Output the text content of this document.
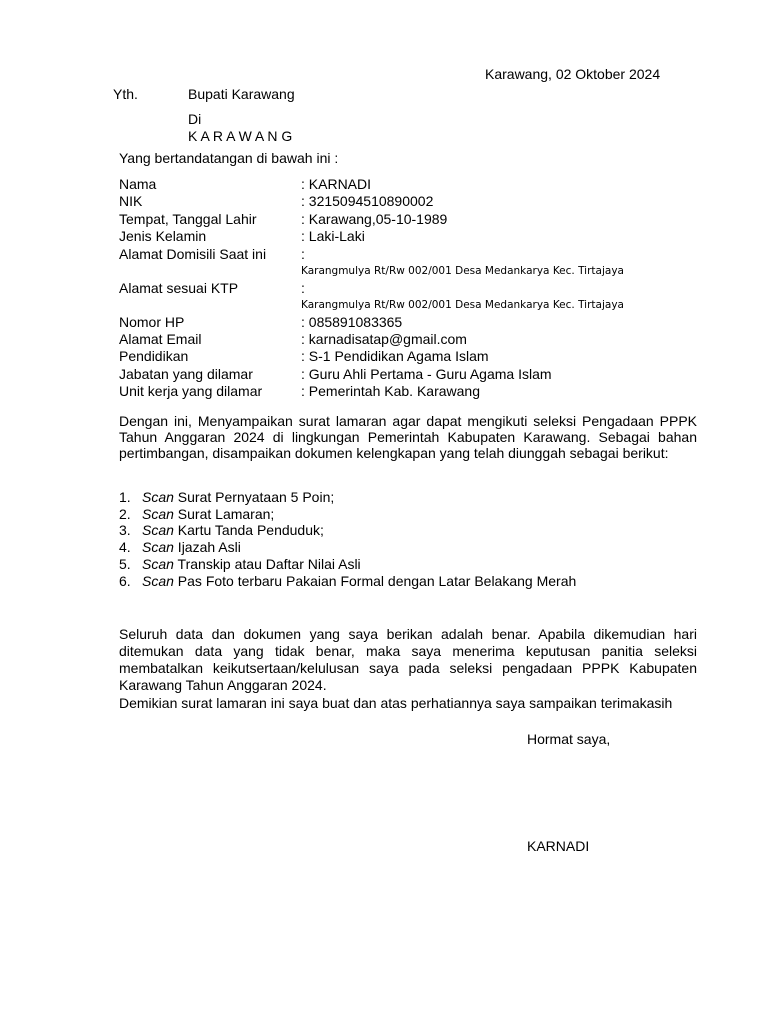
Karawang, 02 Oktober 2024
Yth.	Bupati Karawang
Di
K A R A W A N G
Yang bertandatangan di bawah ini :
Nama	: KARNADI
NIK	: 3215094510890002
Tempat, Tanggal Lahir	: Karawang,05-10-1989
Jenis Kelamin	: Laki-Laki
Alamat Domisili Saat ini :
Karangmulya Rt/Rw 002/001 Desa Medankarya Kec. Tirtajaya
Alamat sesuai KTP	:
Karangmulya Rt/Rw 002/001 Desa Medankarya Kec. Tirtajaya
Nomor HP	: 085891083365
Alamat Email	: karnadisatap@gmail.com
Pendidikan	: S-1 Pendidikan Agama Islam
Jabatan yang dilamar	: Guru Ahli Pertama - Guru Agama Islam
Unit kerja yang dilamar	: Pemerintah Kab. Karawang
Dengan ini, Menyampaikan surat lamaran agar dapat mengikuti seleksi Pengadaan PPPK Tahun Anggaran 2024 di lingkungan Pemerintah Kabupaten Karawang. Sebagai bahan pertimbangan, disampaikan dokumen kelengkapan yang telah diunggah sebagai berikut:
1. Scan Surat Pernyataan 5 Poin;
2. Scan Surat Lamaran;
3. Scan Kartu Tanda Penduduk;
4. Scan Ijazah Asli
5. Scan Transkip atau Daftar Nilai Asli
6. Scan Pas Foto terbaru Pakaian Formal dengan Latar Belakang Merah
Seluruh data dan dokumen yang saya berikan adalah benar. Apabila dikemudian hari ditemukan data yang tidak benar, maka saya menerima keputusan panitia seleksi membatalkan keikutsertaan/kelulusan saya pada seleksi pengadaan PPPK Kabupaten Karawang Tahun Anggaran 2024.
Demikian surat lamaran ini saya buat dan atas perhatiannya saya sampaikan terimakasih
Hormat saya,
KARNADI
